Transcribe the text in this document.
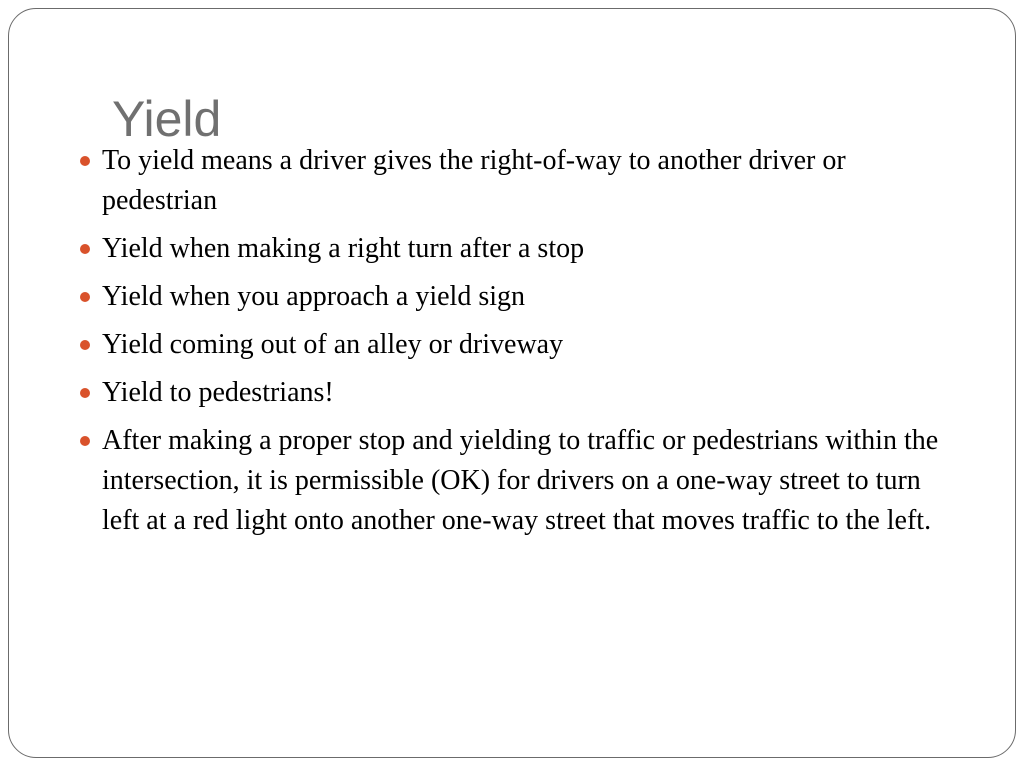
Yield
To yield means a driver gives the right-of-way to another driver or pedestrian
Yield when making a right turn after a stop
Yield when you approach a yield sign
Yield coming out of an alley or driveway
Yield to pedestrians!
After making a proper stop and yielding to traffic or pedestrians within the intersection, it is permissible (OK) for drivers on a one-way street to turn left at a red light onto another one-way street that moves traffic to the left.
